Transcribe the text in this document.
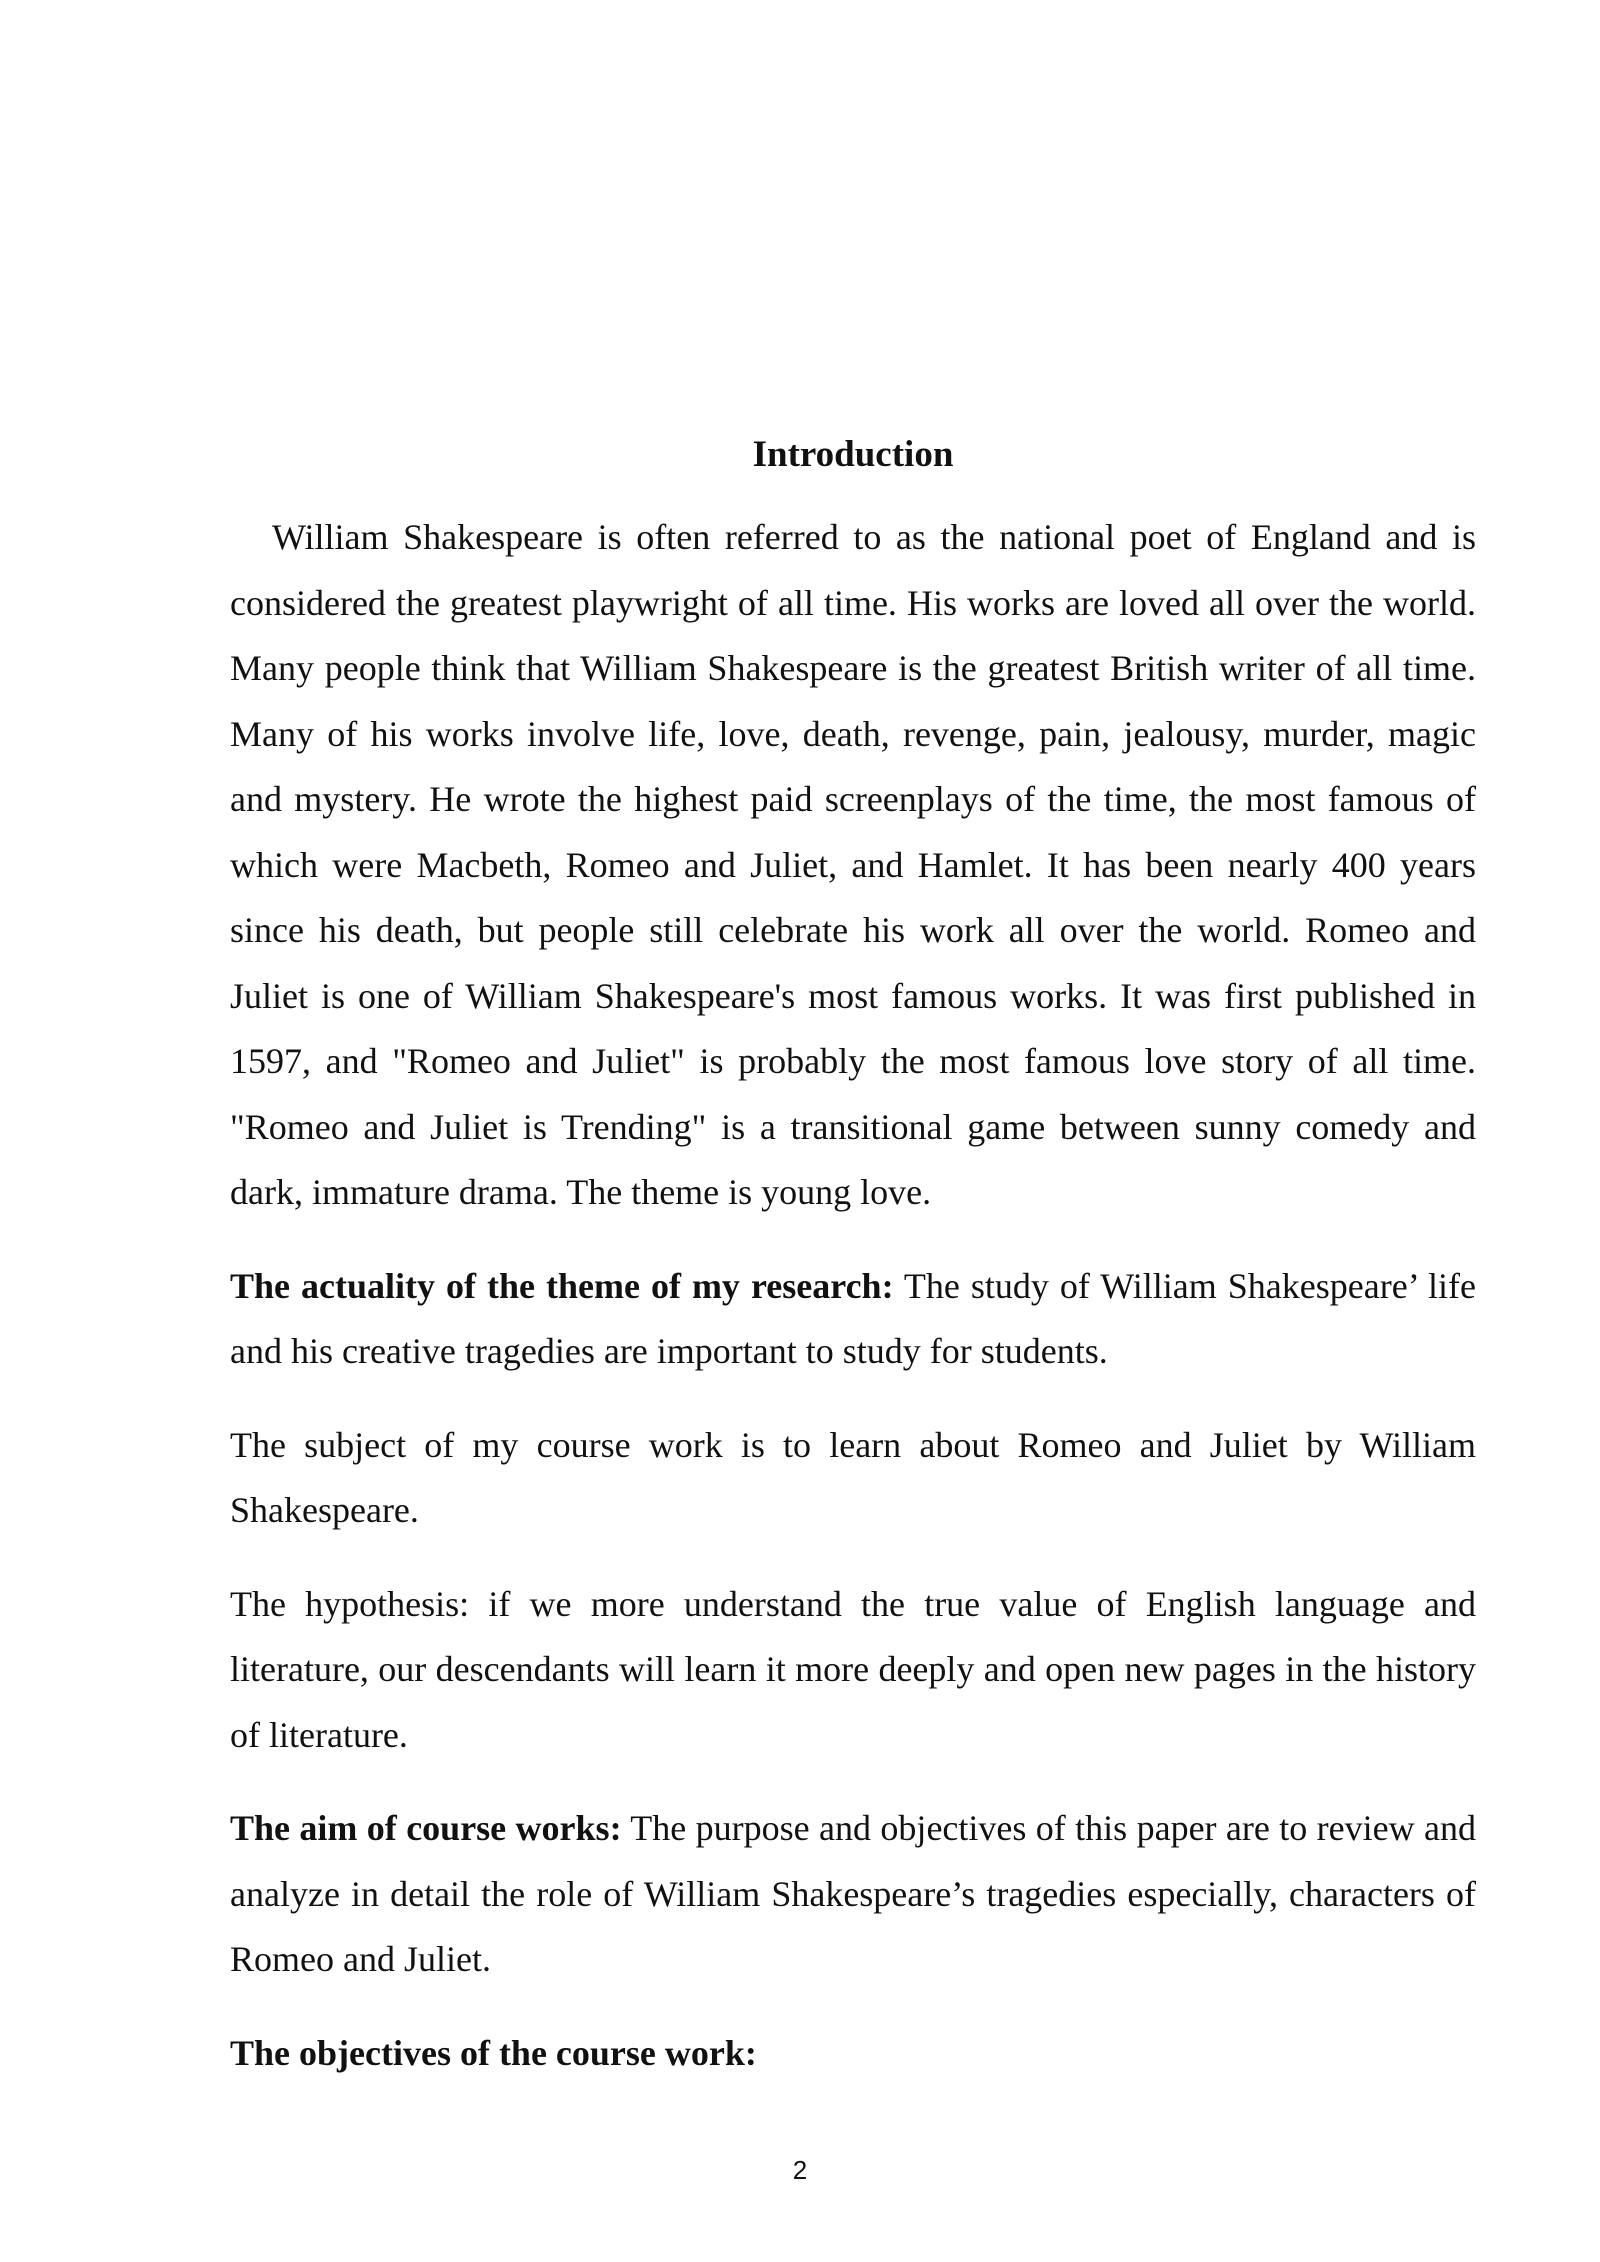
Introduction

William Shakespeare is often referred to as the national poet of England and is considered the greatest playwright of all time. His works are loved all over the world. Many people think that William Shakespeare is the greatest British writer of all time. Many of his works involve life, love, death, revenge, pain, jealousy, murder, magic and mystery. He wrote the highest paid screenplays of the time, the most famous of which were Macbeth, Romeo and Juliet, and Hamlet. It has been nearly 400 years since his death, but people still celebrate his work all over the world. Romeo and Juliet is one of William Shakespeare's most famous works. It was first published in 1597, and "Romeo and Juliet" is probably the most famous love story of all time. "Romeo and Juliet is Trending" is a transitional game between sunny comedy and dark, immature drama. The theme is young love.

The actuality of the theme of my research: The study of William Shakespeare’ life and his creative tragedies are important to study for students.

The subject of my course work is to learn about Romeo and Juliet by William Shakespeare.

The hypothesis: if we more understand the true value of English language and literature, our descendants will learn it more deeply and open new pages in the history of literature.

The aim of course works: The purpose and objectives of this paper are to review and analyze in detail the role of William Shakespeare’s tragedies especially, characters of Romeo and Juliet.

The objectives of the course work:

2
